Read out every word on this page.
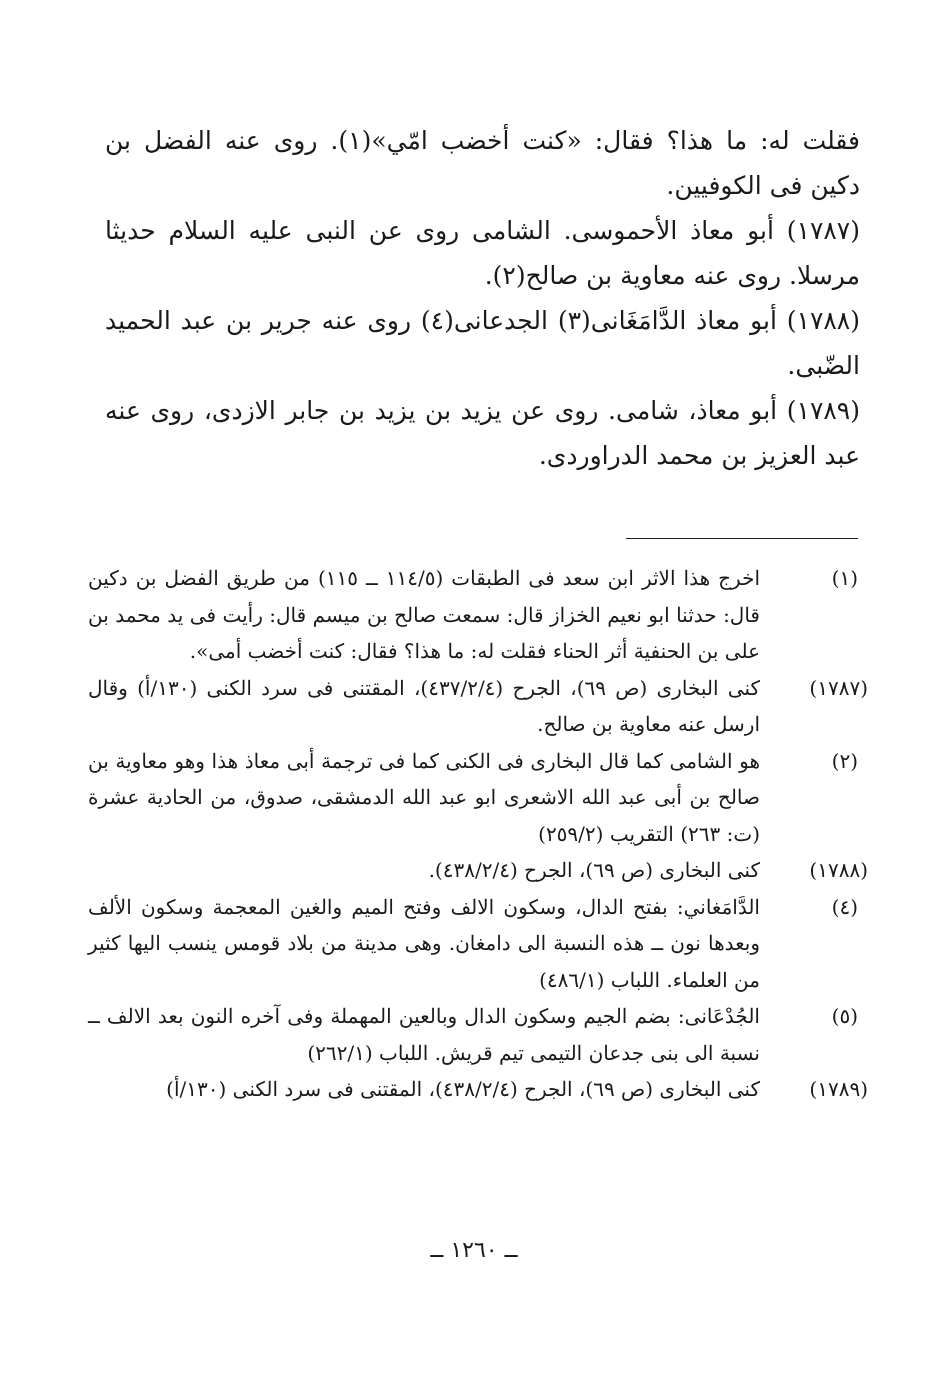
فقلت له: ما هذا؟ فقال: «كنت أخضب امّي»(١). روى عنه الفضل بن دكين فى الكوفيين.

(١٧٨٧) أبو معاذ الأحموسى. الشامى روى عن النبى عليه السلام حديثا مرسلا. روى عنه معاوية بن صالح(٢).

(١٧٨٨) أبو معاذ الدَّامَغَانى(٣) الجدعانى(٤) روى عنه جرير بن عبد الحميد الضّبى.

(١٧٨٩) أبو معاذ، شامى. روى عن يزيد بن يزيد بن جابر الازدى، روى عنه عبد العزيز بن محمد الدراوردى.

(١)
اخرج هذا الاثر ابن سعد فى الطبقات (١١٤/٥ ــ ١١٥) من طريق الفضل بن دكين قال: حدثنا ابو نعيم الخزاز قال: سمعت صالح بن ميسم قال: رأيت فى يد محمد بن على بن الحنفية أثر الحناء فقلت له: ما هذا؟ فقال: كنت أخضب أمى».
(١٧٨٧)
كنى البخارى (ص ٦٩)، الجرح (٤٣٧/٢/٤)، المقتنى فى سرد الكنى (١٣٠/أ) وقال ارسل عنه معاوية بن صالح.
(٢)
هو الشامى كما قال البخارى فى الكنى كما فى ترجمة أبى معاذ هذا وهو معاوية بن صالح بن أبى عبد الله الاشعرى ابو عبد الله الدمشقى، صدوق، من الحادية عشرة (ت: ٢٦٣) التقريب (٢٥٩/٢)
(١٧٨٨)
كنى البخارى (ص ٦٩)، الجرح (٤٣٨/٢/٤).
(٤)
الدَّامَغاني: بفتح الدال، وسكون الالف وفتح الميم والغين المعجمة وسكون الألف وبعدها نون ــ هذه النسبة الى دامغان. وهى مدينة من بلاد قومس ينسب اليها كثير من العلماء. اللباب (٤٨٦/١)
(٥)
الجُدْعَانى: بضم الجيم وسكون الدال وبالعين المهملة وفى آخره النون بعد الالف ــ نسبة الى بنى جدعان التيمى تيم قريش. اللباب (٢٦٢/١)
(١٧٨٩)
كنى البخارى (ص ٦٩)، الجرح (٤٣٨/٢/٤)، المقتنى فى سرد الكنى (١٣٠/أ)
ــ ١٢٦٠ ــ
